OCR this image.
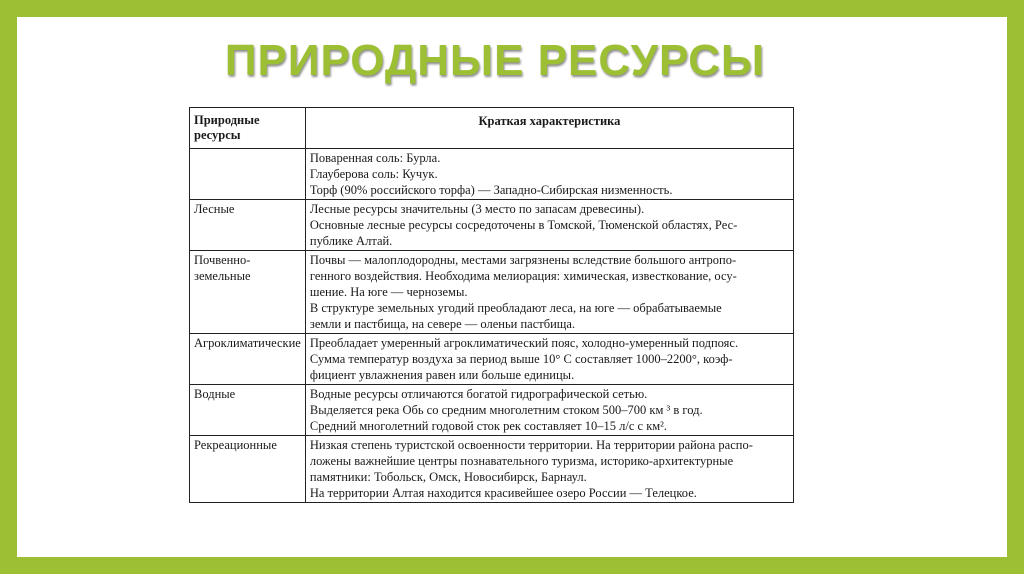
ПРИРОДНЫЕ РЕСУРСЫ
Природные ресурсы	Краткая характеристика

	Поваренная соль: Бурла.
Глауберова соль: Кучук.
Торф (90% российского торфа) — Западно-Сибирская низменность.

Лесные	Лесные ресурсы значительны (3 место по запасам древесины).
Основные лесные ресурсы сосредоточены в Томской, Тюменской областях, Рес-
публике Алтай.

Почвенно-земельные	Почвы — малоплодородны, местами загрязнены вследствие большого антропо-
генного воздействия. Необходима мелиорация: химическая, известкование, осу-
шение. На юге — черноземы.
В структуре земельных угодий преобладают леса, на юге — обрабатываемые
земли и пастбища, на севере — оленьи пастбища.

Агроклиматические	Преобладает умеренный агроклиматический пояс, холодно-умеренный подпояс.
Сумма температур воздуха за период выше 10° С составляет 1000–2200°, коэф-
фициент увлажнения равен или больше единицы.

Водные	Водные ресурсы отличаются богатой гидрографической сетью.
Выделяется река Обь со средним многолетним стоком 500–700 км ³ в год.
Средний многолетний годовой сток рек составляет 10–15 л/с с км².

Рекреационные	Низкая степень туристской освоенности территории. На территории района распо-
ложены важнейшие центры познавательного туризма, историко-архитектурные
памятники: Тобольск, Омск, Новосибирск, Барнаул.
На территории Алтая находится красивейшее озеро России — Телецкое.
